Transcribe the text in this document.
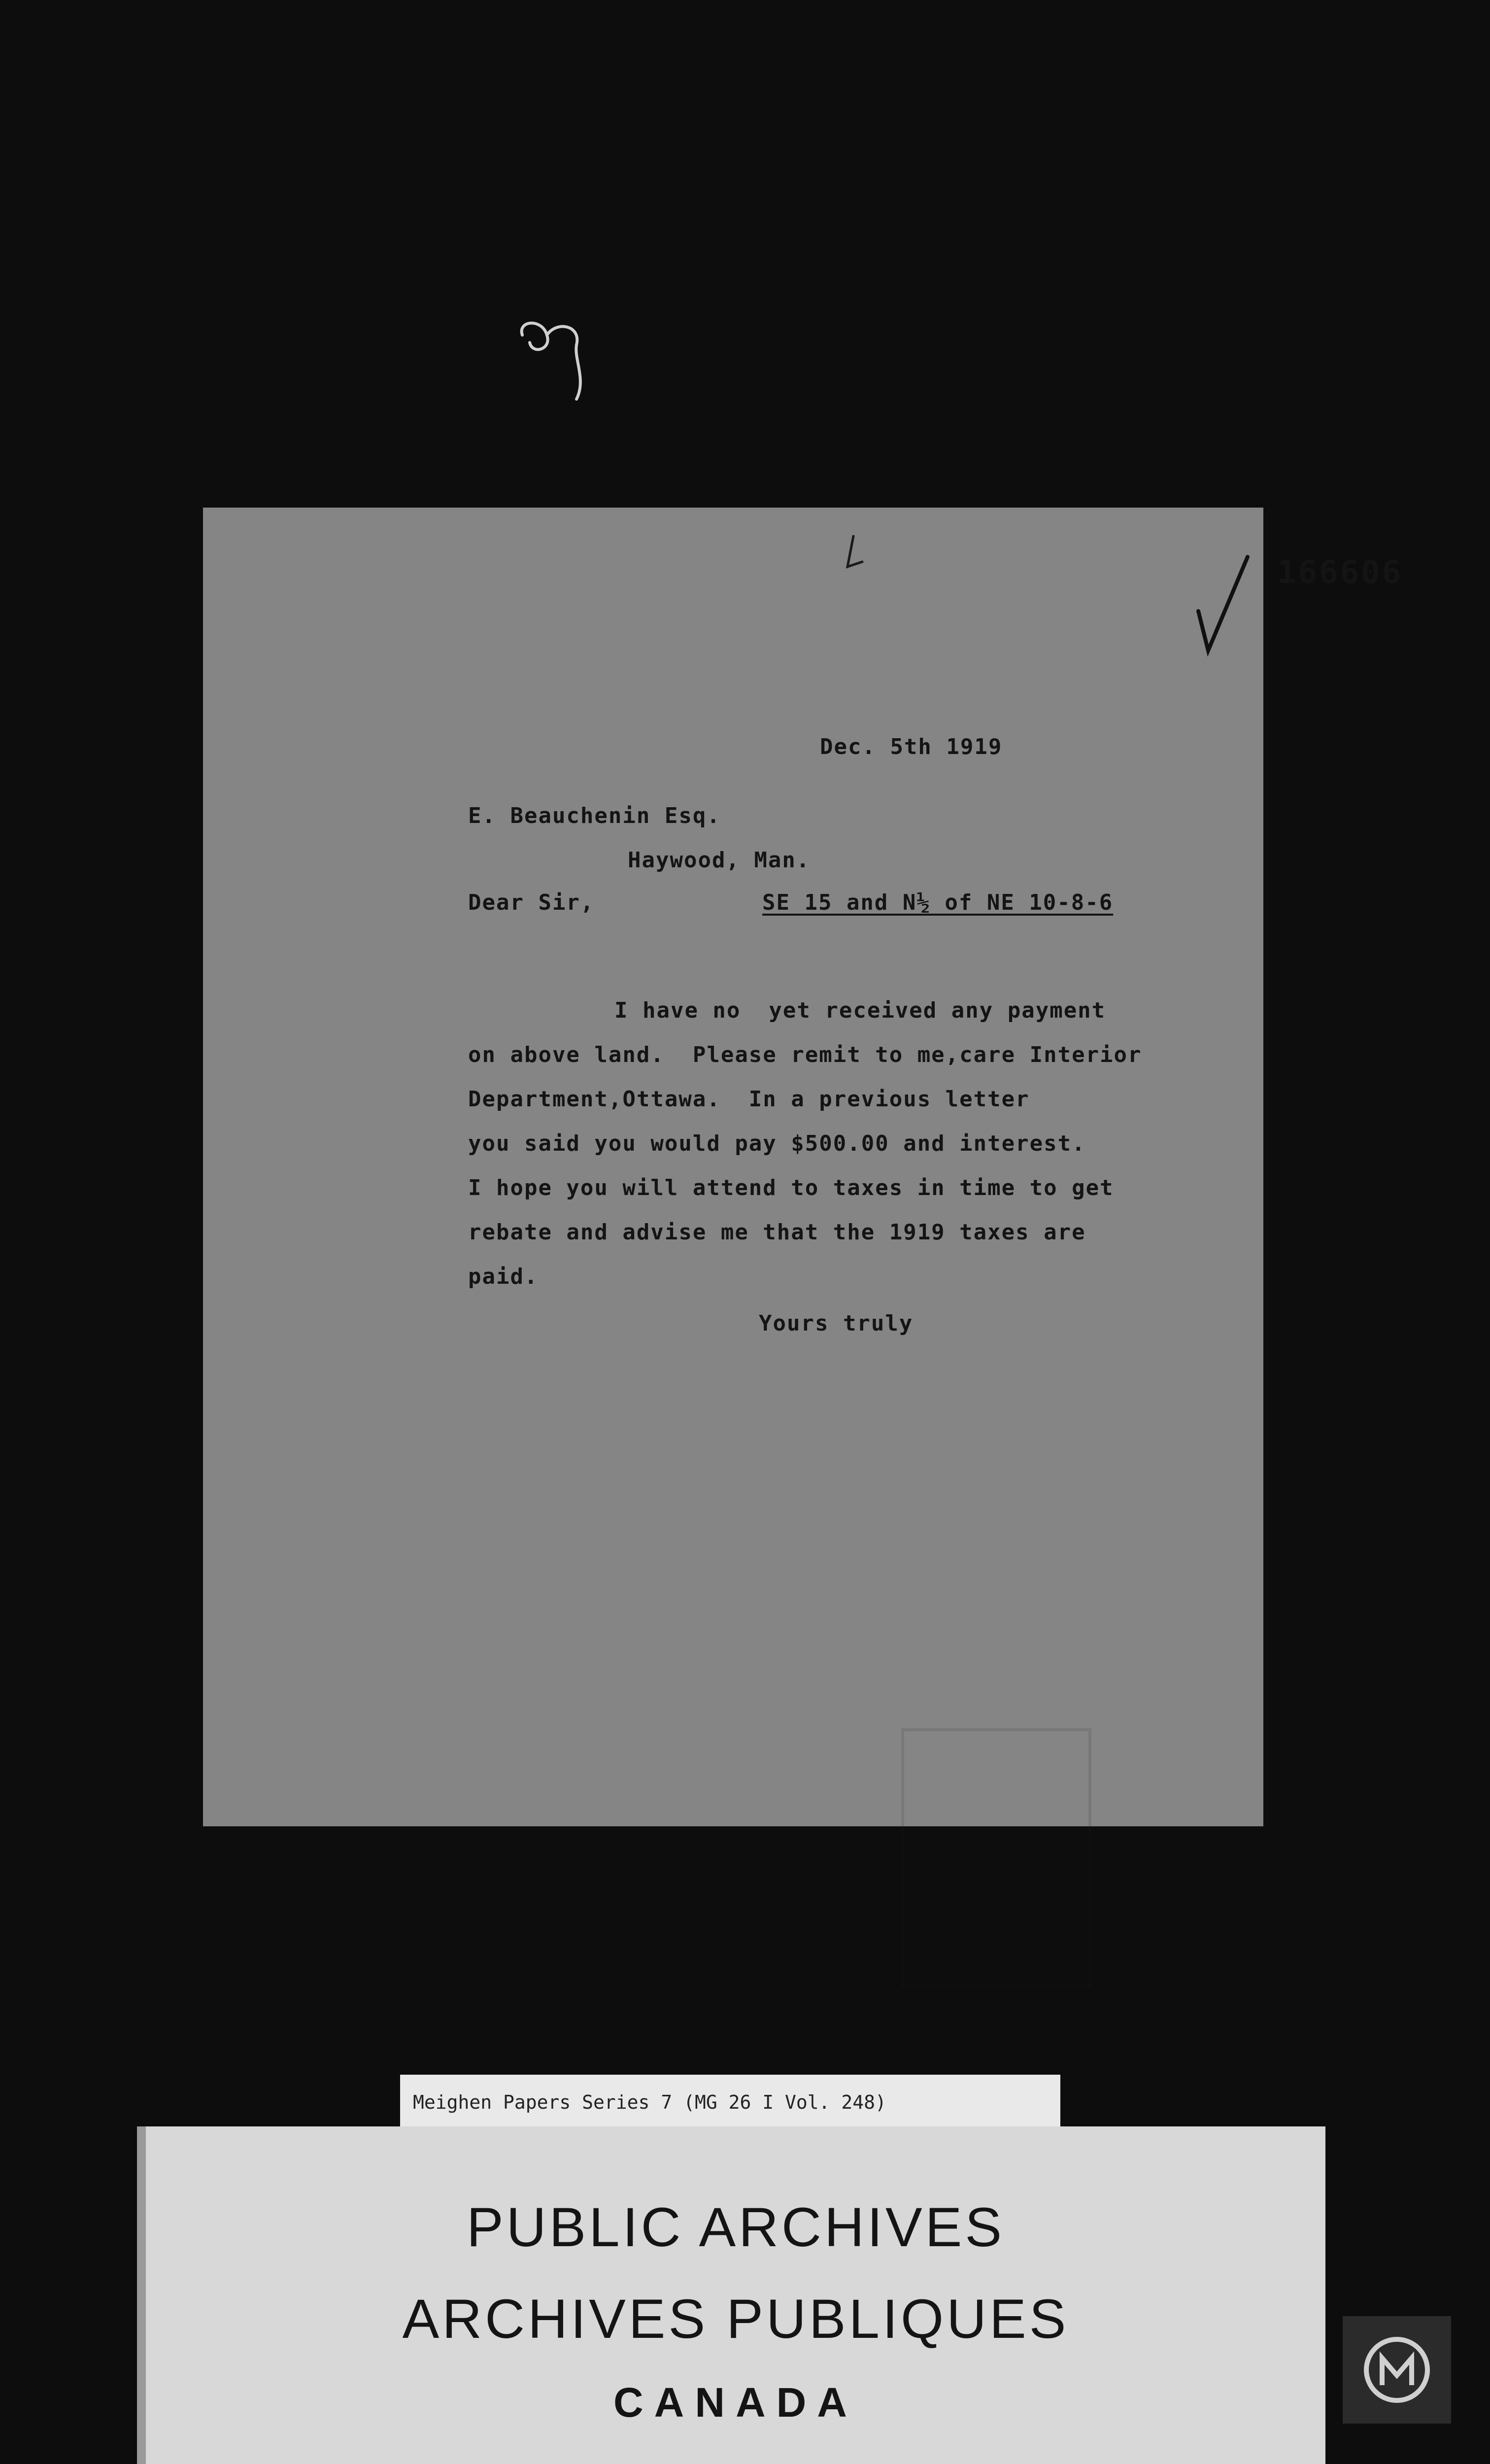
166606
Dec. 5th 1919
E. Beauchenin Esq.
Haywood, Man.
Dear Sir,	SE 15 and N½ of NE 10-8-6
I have no  yet received any payment
on above land.  Please remit to me,care Interior
Department,Ottawa.  In a previous letter
you said you would pay $500.00 and interest.
I hope you will attend to taxes in time to get
rebate and advise me that the 1919 taxes are
paid.
Yours truly
Meighen Papers Series 7 (MG 26 I Vol. 248)
PUBLIC ARCHIVES
ARCHIVES PUBLIQUES
CANADA
